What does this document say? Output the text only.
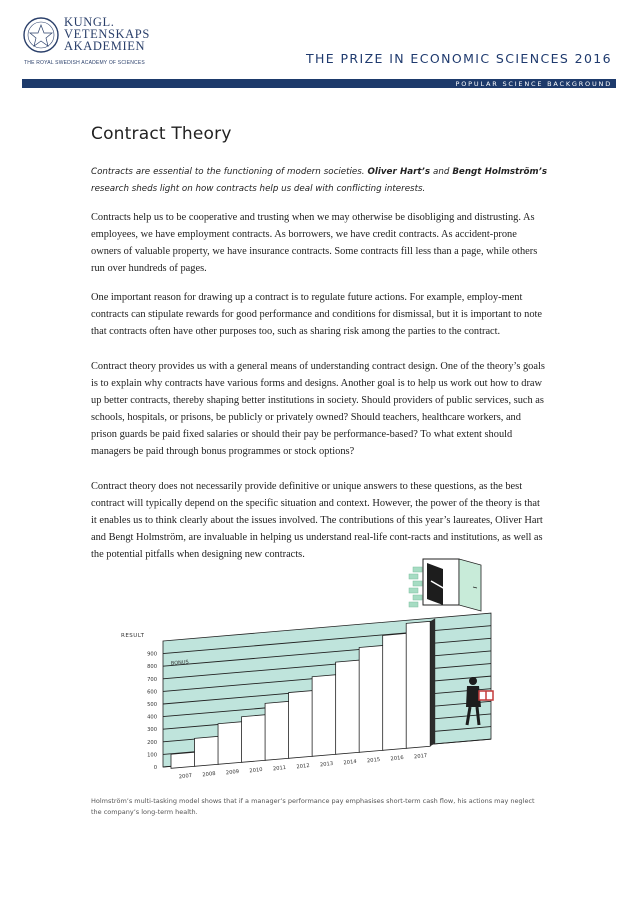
KUNGL.
VETENSKAPS
AKADEMIEN
THE ROYAL SWEDISH ACADEMY OF SCIENCES	THE PRIZE IN ECONOMIC SCIENCES 2016
POPULAR SCIENCE BACKGROUND
Contract Theory

Contracts are essential to the functioning of modern societies. Oliver Hart’s and Bengt Holmström’s research sheds light on how contracts help us deal with conflicting interests.

Contracts help us to be cooperative and trusting when we may otherwise be disobliging and distrusting. As employees, we have employment contracts. As borrowers, we have credit contracts. As accident-prone owners of valuable property, we have insurance contracts. Some contracts fill less than a page, while others run over hundreds of pages.

One important reason for drawing up a contract is to regulate future actions. For example, employ-ment contracts can stipulate rewards for good performance and conditions for dismissal, but it is important to note that contracts often have other purposes too, such as sharing risk among the parties to the contract.

Contract theory provides us with a general means of understanding contract design. One of the theory’s goals is to explain why contracts have various forms and designs. Another goal is to help us work out how to draw up better contracts, thereby shaping better institutions in society. Should providers of public services, such as schools, hospitals, or prisons, be publicly or privately owned? Should teachers, healthcare workers, and prison guards be paid fixed salaries or should their pay be performance-based? To what extent should managers be paid through bonus programmes or stock options?

Contract theory does not necessarily provide definitive or unique answers to these questions, as the best contract will typically depend on the specific situation and context. However, the power of the theory is that it enables us to think clearly about the issues involved. The contributions of this year’s laureates, Oliver Hart and Bengt Holmström, are invaluable in helping us understand real-life cont-racts and institutions, as well as the potential pitfalls when designing new contracts.

0
100
200
300
400
500
600
700
800
900
RESULT
BONUS
2007 2008 2009 2010 2011 2012 2013 2014 2015 2016 2017

Holmström’s multi-tasking model shows that if a manager’s performance pay emphasises short-term cash flow, his actions may neglect the company’s long-term health.
